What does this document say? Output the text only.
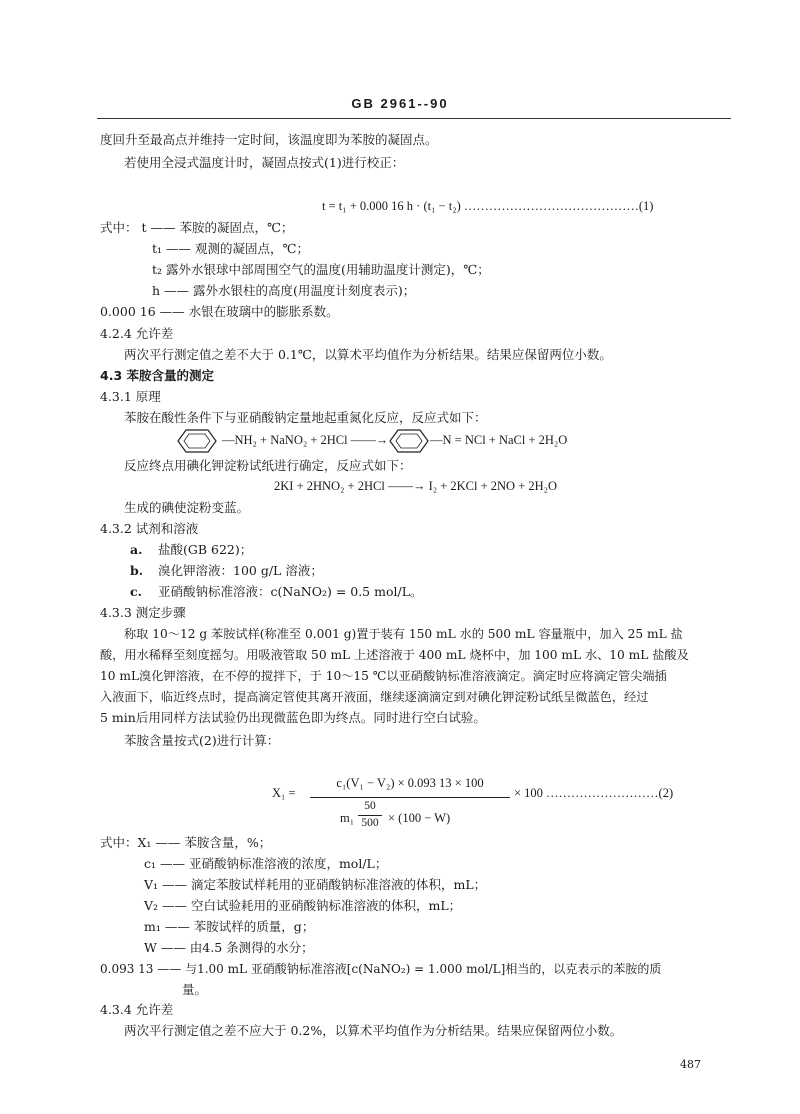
GB 2961--90
度回升至最高点并维持一定时间，该温度即为苯胺的凝固点。
若使用全浸式温度计时，凝固点按式(1)进行校正：
t = t₁ + 0.000 16 h · (t₁ − t₂) ……………………………………(1)
式中： t —— 苯胺的凝固点，℃；
t₁ —— 观测的凝固点，℃；
t₂ 露外水银球中部周围空气的温度(用辅助温度计测定)，℃；
h —— 露外水银柱的高度(用温度计刻度表示)；
0.000 16 —— 水银在玻璃中的膨胀系数。
4.2.4 允许差
两次平行测定值之差不大于 0.1℃，以算术平均值作为分析结果。结果应保留两位小数。
4.3 苯胺含量的测定
4.3.1 原理
苯胺在酸性条件下与亚硝酸钠定量地起重氮化反应，反应式如下：
—NH₂ + NaNO₂ + 2HCl ——→	—N = NCl + NaCl + 2H₂O
反应终点用碘化钾淀粉试纸进行确定，反应式如下：
2KI + 2HNO₂ + 2HCl ——→ I₂ + 2KCl + 2NO + 2H₂O
生成的碘使淀粉变蓝。
4.3.2 试剂和溶液
a. 盐酸(GB 622)；
b. 溴化钾溶液：100 g/L 溶液；
c. 亚硝酸钠标准溶液：c(NaNO₂) = 0.5 mol/L。
4.3.3 测定步骤
称取 10～12 g 苯胺试样(称准至 0.001 g)置于装有 150 mL 水的 500 mL 容量瓶中，加入 25 mL 盐
酸，用水稀释至刻度摇匀。用吸液管取 50 mL 上述溶液于 400 mL 烧杯中，加 100 mL 水、10 mL 盐酸及
10 mL溴化钾溶液，在不停的搅拌下，于 10～15 ℃以亚硝酸钠标准溶液滴定。滴定时应将滴定管尖端插
入液面下，临近终点时，提高滴定管使其离开液面，继续逐滴滴定到对碘化钾淀粉试纸呈微蓝色，经过
5 min后用同样方法试验仍出现微蓝色即为终点。同时进行空白试验。
苯胺含量按式(2)进行计算：
X₁ =
c₁(V₁ − V₂) × 0.093 13 × 100
m₁
50
500 × (100 − W)
× 100 ………………………(2)
式中：X₁ —— 苯胺含量，%；
c₁ —— 亚硝酸钠标准溶液的浓度，mol/L；
V₁ —— 滴定苯胺试样耗用的亚硝酸钠标准溶液的体积，mL；
V₂ —— 空白试验耗用的亚硝酸钠标准溶液的体积，mL；
m₁ —— 苯胺试样的质量，g；
W —— 由4.5 条测得的水分；
0.093 13 —— 与1.00 mL 亚硝酸钠标准溶液[c(NaNO₂) = 1.000 mol/L]相当的，以克表示的苯胺的质
量。
4.3.4 允许差
两次平行测定值之差不应大于 0.2%，以算术平均值作为分析结果。结果应保留两位小数。
487
